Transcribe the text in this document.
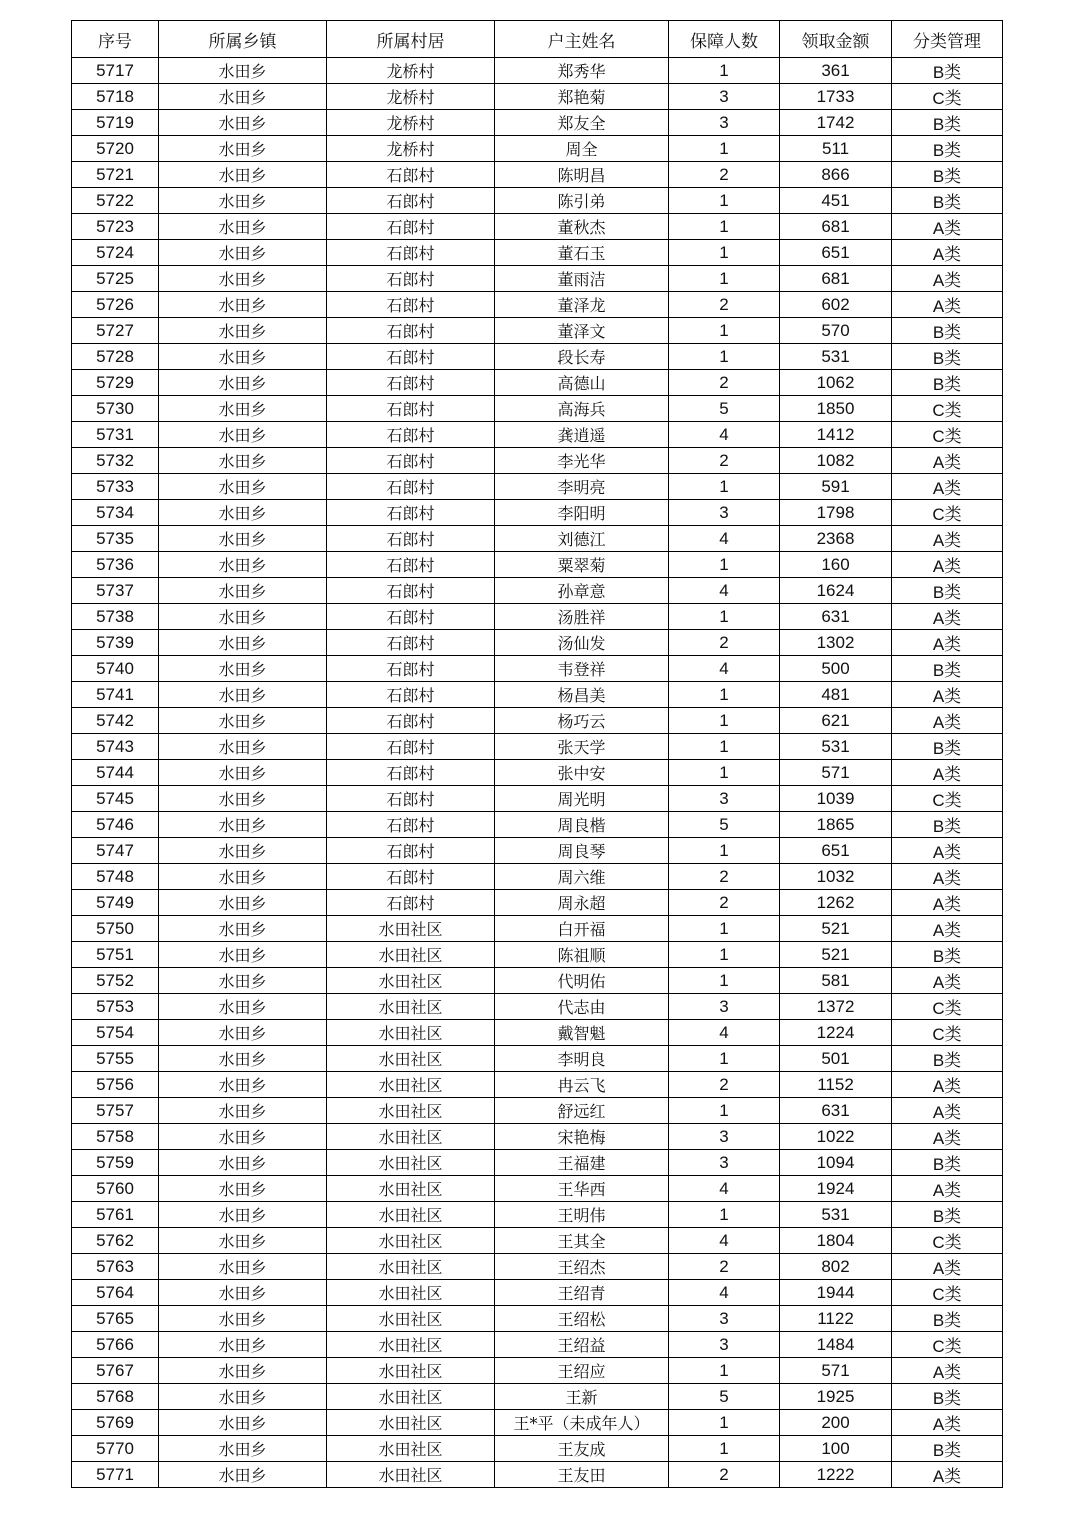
序号	所属乡镇	所属村居	户主姓名	保障人数	领取金额	分类管理
5717	水田乡	龙桥村	郑秀华	1	361	B类
5718	水田乡	龙桥村	郑艳菊	3	1733	C类
5719	水田乡	龙桥村	郑友全	3	1742	B类
5720	水田乡	龙桥村	周全	1	511	B类
5721	水田乡	石郎村	陈明昌	2	866	B类
5722	水田乡	石郎村	陈引弟	1	451	B类
5723	水田乡	石郎村	董秋杰	1	681	A类
5724	水田乡	石郎村	董石玉	1	651	A类
5725	水田乡	石郎村	董雨洁	1	681	A类
5726	水田乡	石郎村	董泽龙	2	602	A类
5727	水田乡	石郎村	董泽文	1	570	B类
5728	水田乡	石郎村	段长寿	1	531	B类
5729	水田乡	石郎村	高德山	2	1062	B类
5730	水田乡	石郎村	高海兵	5	1850	C类
5731	水田乡	石郎村	龚逍遥	4	1412	C类
5732	水田乡	石郎村	李光华	2	1082	A类
5733	水田乡	石郎村	李明亮	1	591	A类
5734	水田乡	石郎村	李阳明	3	1798	C类
5735	水田乡	石郎村	刘德江	4	2368	A类
5736	水田乡	石郎村	粟翠菊	1	160	A类
5737	水田乡	石郎村	孙章意	4	1624	B类
5738	水田乡	石郎村	汤胜祥	1	631	A类
5739	水田乡	石郎村	汤仙发	2	1302	A类
5740	水田乡	石郎村	韦登祥	4	500	B类
5741	水田乡	石郎村	杨昌美	1	481	A类
5742	水田乡	石郎村	杨巧云	1	621	A类
5743	水田乡	石郎村	张天学	1	531	B类
5744	水田乡	石郎村	张中安	1	571	A类
5745	水田乡	石郎村	周光明	3	1039	C类
5746	水田乡	石郎村	周良楷	5	1865	B类
5747	水田乡	石郎村	周良琴	1	651	A类
5748	水田乡	石郎村	周六维	2	1032	A类
5749	水田乡	石郎村	周永超	2	1262	A类
5750	水田乡	水田社区	白开福	1	521	A类
5751	水田乡	水田社区	陈祖顺	1	521	B类
5752	水田乡	水田社区	代明佑	1	581	A类
5753	水田乡	水田社区	代志由	3	1372	C类
5754	水田乡	水田社区	戴智魁	4	1224	C类
5755	水田乡	水田社区	李明良	1	501	B类
5756	水田乡	水田社区	冉云飞	2	1152	A类
5757	水田乡	水田社区	舒远红	1	631	A类
5758	水田乡	水田社区	宋艳梅	3	1022	A类
5759	水田乡	水田社区	王福建	3	1094	B类
5760	水田乡	水田社区	王华西	4	1924	A类
5761	水田乡	水田社区	王明伟	1	531	B类
5762	水田乡	水田社区	王其全	4	1804	C类
5763	水田乡	水田社区	王绍杰	2	802	A类
5764	水田乡	水田社区	王绍青	4	1944	C类
5765	水田乡	水田社区	王绍松	3	1122	B类
5766	水田乡	水田社区	王绍益	3	1484	C类
5767	水田乡	水田社区	王绍应	1	571	A类
5768	水田乡	水田社区	王新	5	1925	B类
5769	水田乡	水田社区	王*平（未成年人）	1	200	A类
5770	水田乡	水田社区	王友成	1	100	B类
5771	水田乡	水田社区	王友田	2	1222	A类
